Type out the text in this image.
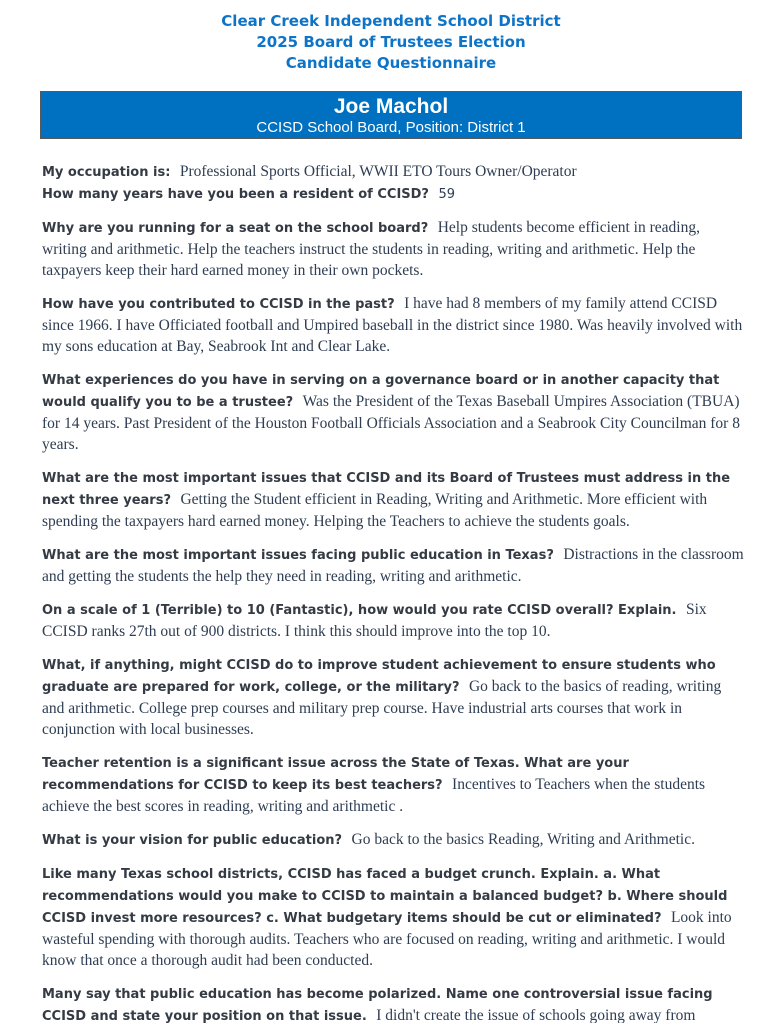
Clear Creek Independent School District
2025 Board of Trustees Election
Candidate Questionnaire
Joe Machol
CCISD School Board, Position: District 1

My occupation is: Professional Sports Official, WWII ETO Tours Owner/Operator

How many years have you been a resident of CCISD? 59

Why are you running for a seat on the school board? Help students become efficient in reading, writing and arithmetic. Help the teachers instruct the students in reading, writing and arithmetic. Help the taxpayers keep their hard earned money in their own pockets.

How have you contributed to CCISD in the past? I have had 8 members of my family attend CCISD since 1966. I have Officiated football and Umpired baseball in the district since 1980. Was heavily involved with my sons education at Bay, Seabrook Int and Clear Lake.

What experiences do you have in serving on a governance board or in another capacity that would qualify you to be a trustee? Was the President of the Texas Baseball Umpires Association (TBUA) for 14 years. Past President of the Houston Football Officials Association and a Seabrook City Councilman for 8 years.

What are the most important issues that CCISD and its Board of Trustees must address in the next three years? Getting the Student efficient in Reading, Writing and Arithmetic. More efficient with spending the taxpayers hard earned money. Helping the Teachers to achieve the students goals.

What are the most important issues facing public education in Texas? Distractions in the classroom and getting the students the help they need in reading, writing and arithmetic.

On a scale of 1 (Terrible) to 10 (Fantastic), how would you rate CCISD overall? Explain. Six CCISD ranks 27th out of 900 districts. I think this should improve into the top 10.

What, if anything, might CCISD do to improve student achievement to ensure students who graduate are prepared for work, college, or the military? Go back to the basics of reading, writing and arithmetic. College prep courses and military prep course. Have industrial arts courses that work in conjunction with local businesses.

Teacher retention is a significant issue across the State of Texas. What are your recommendations for CCISD to keep its best teachers? Incentives to Teachers when the students achieve the best scores in reading, writing and arithmetic .

What is your vision for public education? Go back to the basics Reading, Writing and Arithmetic.

Like many Texas school districts, CCISD has faced a budget crunch. Explain. a. What recommendations would you make to CCISD to maintain a balanced budget? b. Where should CCISD invest more resources? c. What budgetary items should be cut or eliminated? Look into wasteful spending with thorough audits. Teachers who are focused on reading, writing and arithmetic. I would know that once a thorough audit had been conducted.

Many say that public education has become polarized. Name one controversial issue facing CCISD and state your position on that issue. I didn't create the issue of schools going away from
